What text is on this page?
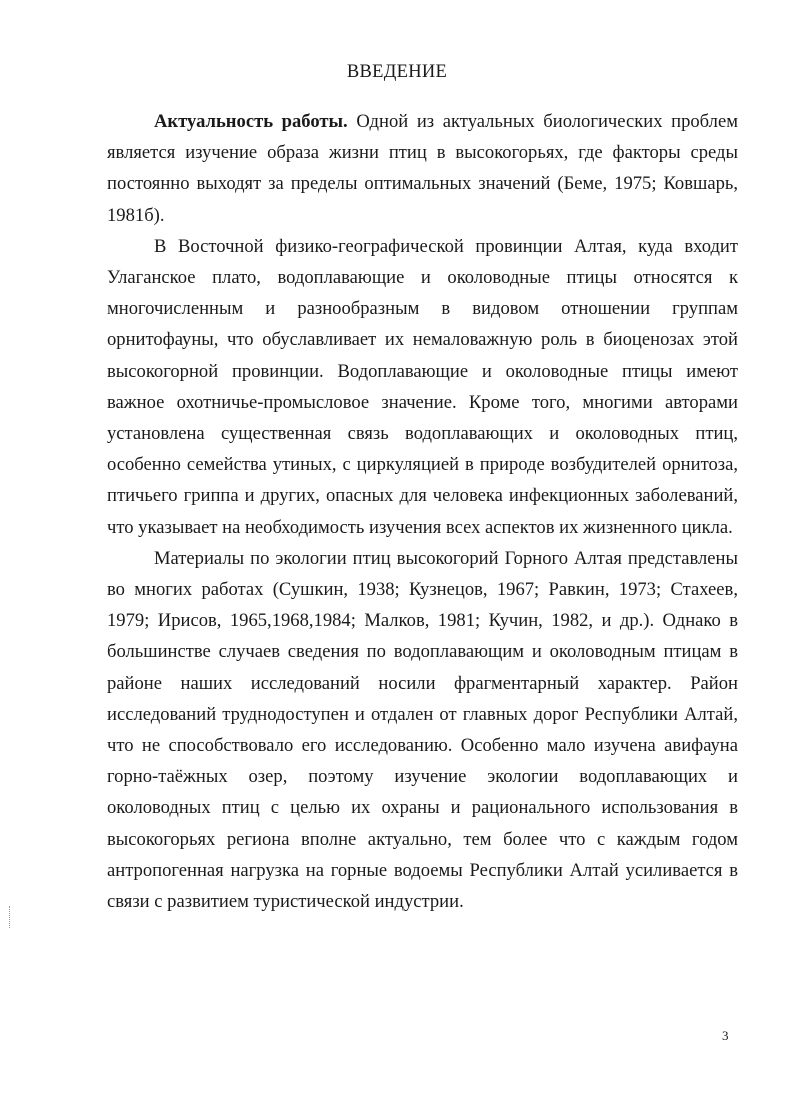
ВВЕДЕНИЕ

Актуальность работы. Одной из актуальных биологических проблем является изучение образа жизни птиц в высокогорьях, где факторы среды постоянно выходят за пределы оптимальных значений (Беме, 1975; Ковшарь, 1981б).

В Восточной физико-географической провинции Алтая, куда входит Улаганское плато, водоплавающие и околоводные птицы относятся к многочисленным и разнообразным в видовом отношении группам орнитофауны, что обуславливает их немаловажную роль в биоценозах этой высокогорной провинции. Водоплавающие и околоводные птицы имеют важное охотничье-промысловое значение. Кроме того, многими авторами установлена существенная связь водоплавающих и околоводных птиц, особенно семейства утиных, с циркуляцией в природе возбудителей орнитоза, птичьего гриппа и других, опасных для человека инфекционных заболеваний, что указывает на необходимость изучения всех аспектов их жизненного цикла.

Материалы по экологии птиц высокогорий Горного Алтая представлены во многих работах (Сушкин, 1938; Кузнецов, 1967; Равкин, 1973; Стахеев, 1979; Ирисов, 1965,1968,1984; Малков, 1981; Кучин, 1982, и др.). Однако в большинстве случаев сведения по водоплавающим и околоводным птицам в районе наших исследований носили фрагментарный характер. Район исследований труднодоступен и отдален от главных дорог Республики Алтай, что не способствовало его исследованию. Особенно мало изучена авифауна горно-таёжных озер, поэтому изучение экологии водоплавающих и околоводных птиц с целью их охраны и рационального использования в высокогорьях региона вполне актуально, тем более что с каждым годом антропогенная нагрузка на горные водоемы Республики Алтай усиливается в связи с развитием туристической индустрии.

3
